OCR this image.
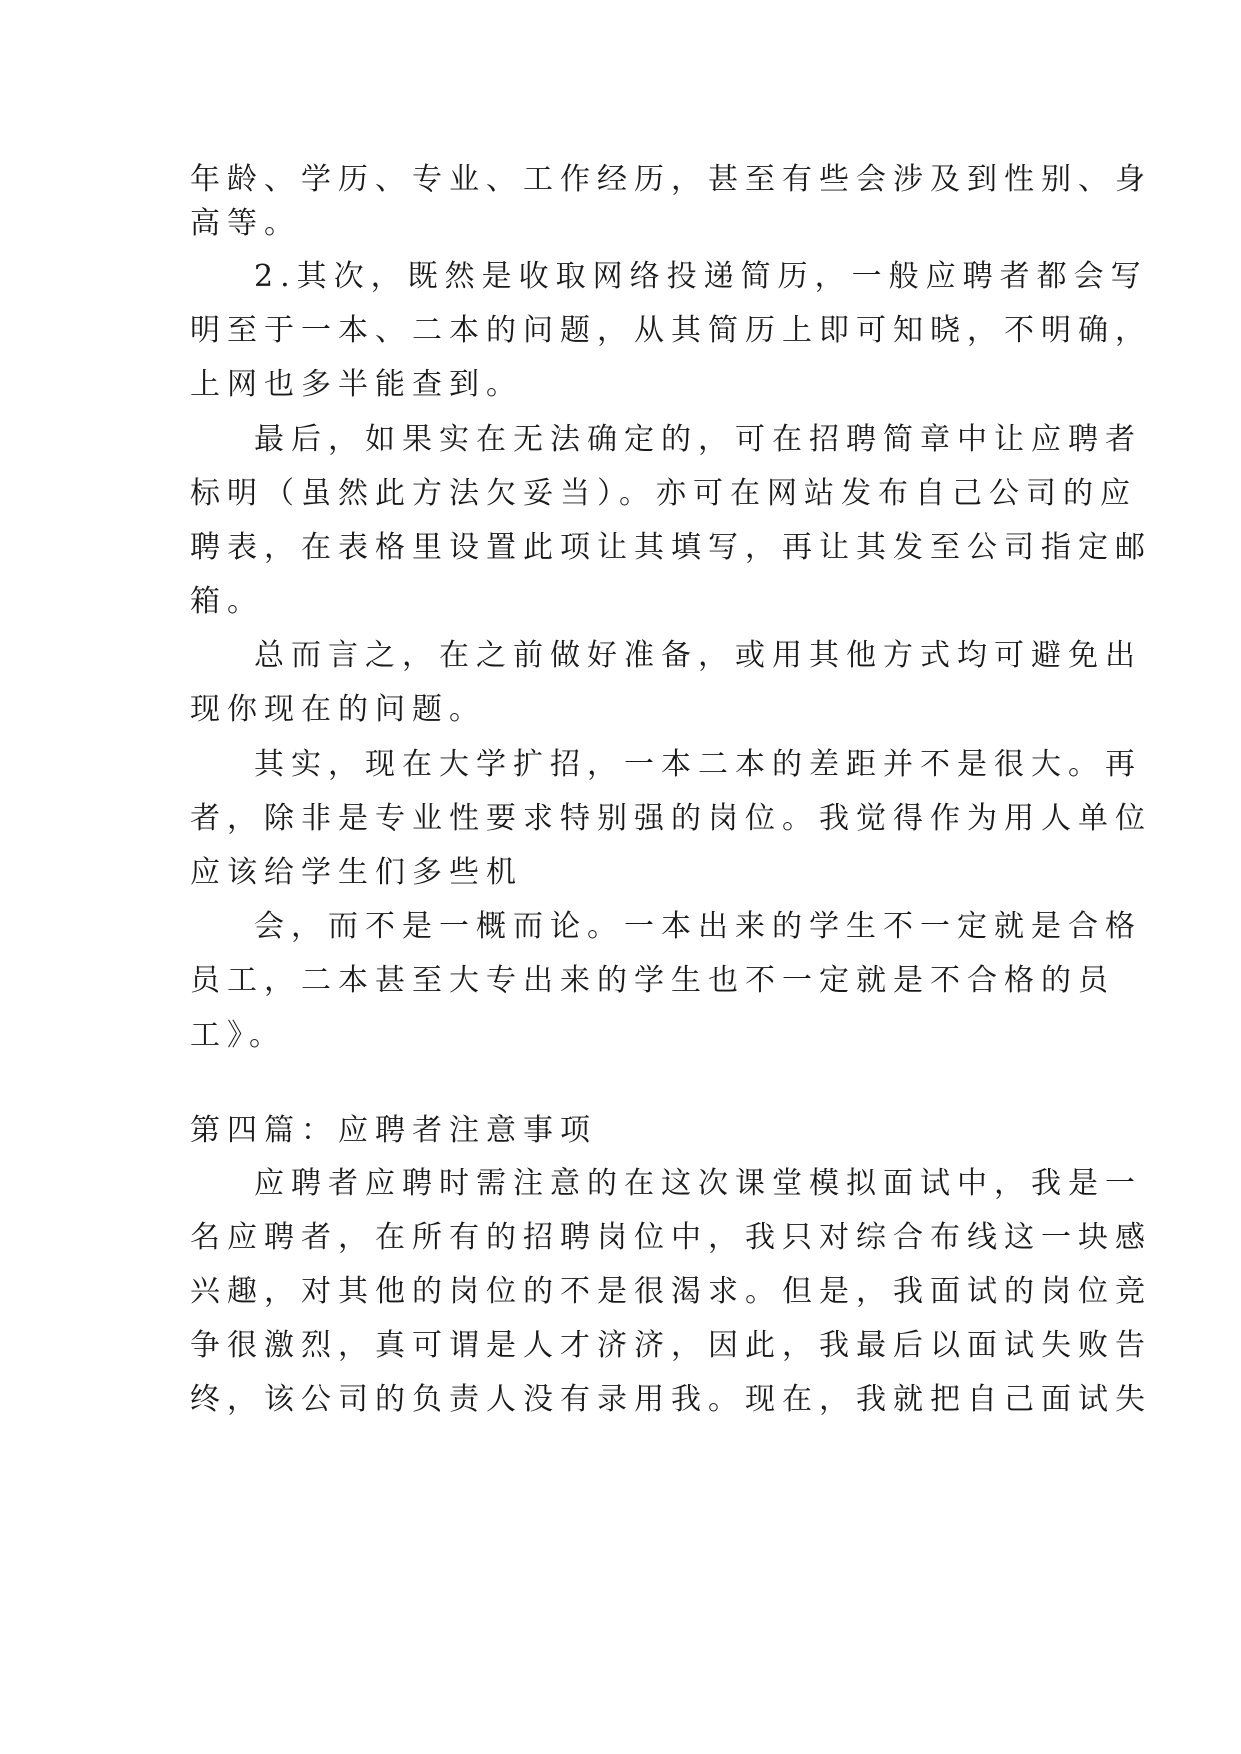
年龄、学历、专业、工作经历，甚至有些会涉及到性别、身
高等。
2.其次，既然是收取网络投递简历，一般应聘者都会写
明至于一本、二本的问题，从其简历上即可知晓，不明确，
上网也多半能查到。
最后，如果实在无法确定的，可在招聘简章中让应聘者
标明（虽然此方法欠妥当）。亦可在网站发布自己公司的应
聘表，在表格里设置此项让其填写，再让其发至公司指定邮
箱。
总而言之，在之前做好准备，或用其他方式均可避免出
现你现在的问题。
其实，现在大学扩招，一本二本的差距并不是很大。再
者，除非是专业性要求特别强的岗位。我觉得作为用人单位
应该给学生们多些机
会，而不是一概而论。一本出来的学生不一定就是合格
员工，二本甚至大专出来的学生也不一定就是不合格的员
工》。
第四篇：应聘者注意事项
应聘者应聘时需注意的在这次课堂模拟面试中，我是一
名应聘者，在所有的招聘岗位中，我只对综合布线这一块感
兴趣，对其他的岗位的不是很渴求。但是，我面试的岗位竞
争很激烈，真可谓是人才济济，因此，我最后以面试失败告
终，该公司的负责人没有录用我。现在，我就把自己面试失
